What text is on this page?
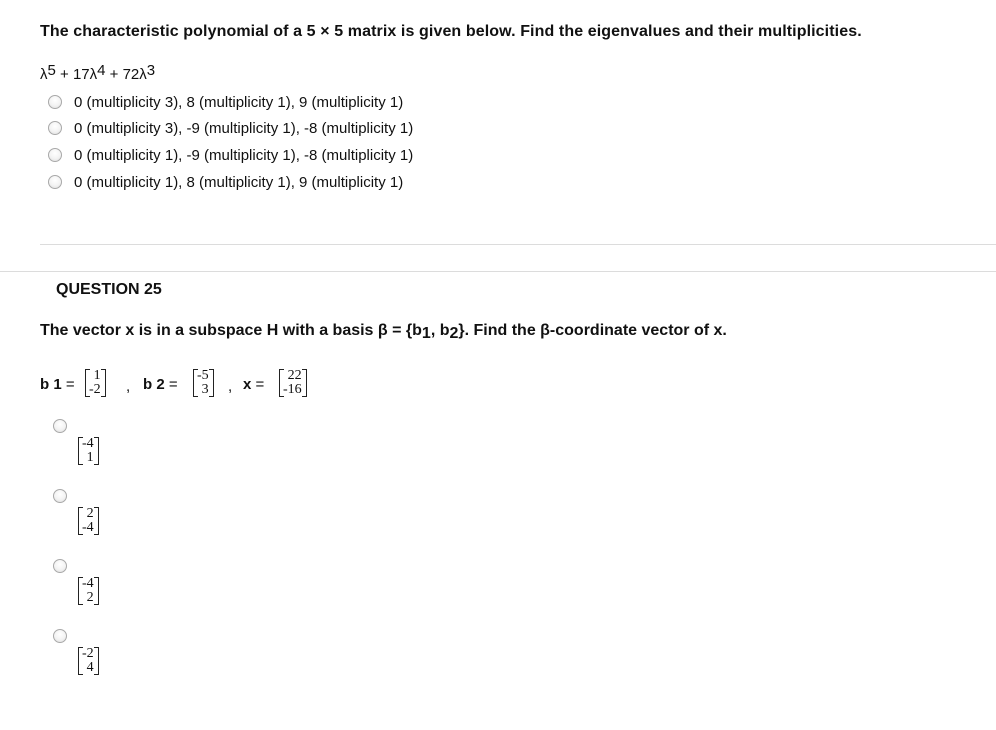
The characteristic polynomial of a 5 × 5 matrix is given below. Find the eigenvalues and their multiplicities.
$\lambda^5 + 17\lambda^4 + 72\lambda^3$
0 (multiplicity 3), 8 (multiplicity 1), 9 (multiplicity 1)
0 (multiplicity 3), -9 (multiplicity 1), -8 (multiplicity 1)
0 (multiplicity 1), -9 (multiplicity 1), -8 (multiplicity 1)
0 (multiplicity 1), 8 (multiplicity 1), 9 (multiplicity 1)
QUESTION 25
The vector x is in a subspace H with a basis $\beta = \{b_1$, $b_2$}. Find the β-coordinate vector of x.
b 1 =
1
-2	, b 2 =
-5
3	, x =
22
-16
-4
1
2
-4
-4
2
-2
4
